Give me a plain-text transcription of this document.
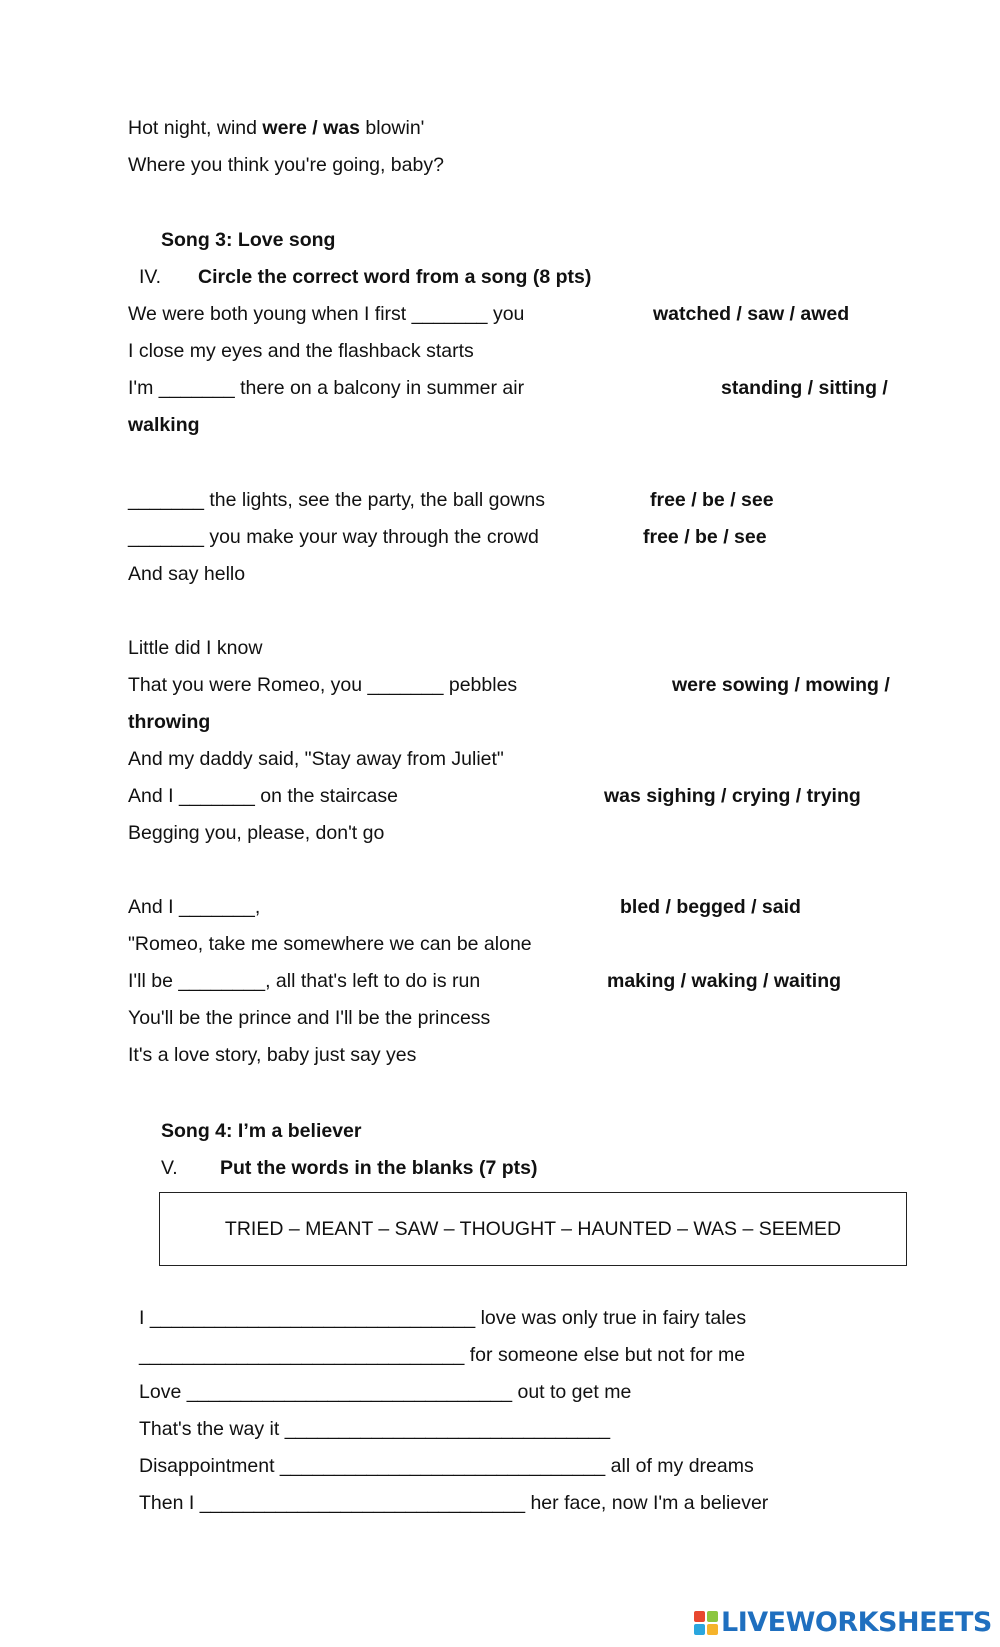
Hot night, wind were / was blowin'
Where you think you're going, baby?
Song 3: Love song
IV. Circle the correct word from a song (8 pts)
We were both young when I first _______ you	watched / saw / awed
I close my eyes and the flashback starts
I'm _______ there on a balcony in summer air	standing / sitting /
walking
_______ the lights, see the party, the ball gowns	free / be / see
_______ you make your way through the crowd	free / be / see
And say hello
Little did I know
That you were Romeo, you _______ pebbles	were sowing / mowing /
throwing
And my daddy said, "Stay away from Juliet"
And I _______ on the staircase	was sighing / crying / trying
Begging you, please, don't go
And I _______,	bled / begged / said
"Romeo, take me somewhere we can be alone
I'll be ________, all that's left to do is run	making / waking / waiting
You'll be the prince and I'll be the princess
It's a love story, baby just say yes
Song 4: I’m a believer
V. Put the words in the blanks (7 pts)
TRIED – MEANT – SAW – THOUGHT – HAUNTED – WAS – SEEMED
I ______________________________ love was only true in fairy tales
______________________________ for someone else but not for me
Love ______________________________ out to get me
That's the way it ______________________________
Disappointment ______________________________ all of my dreams
Then I ______________________________ her face, now I'm a believer
LIVEWORKSHEETS
